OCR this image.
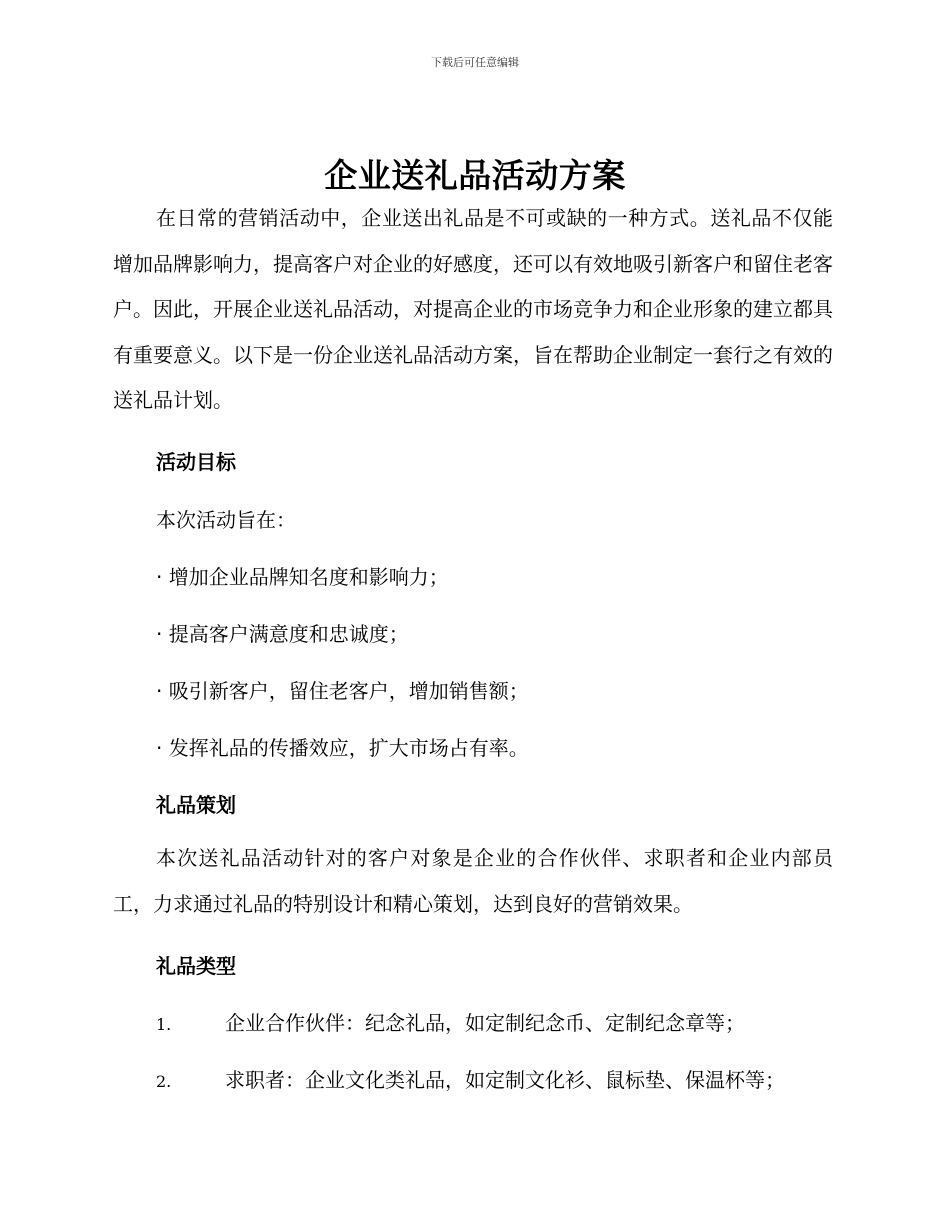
下载后可任意编辑
企业送礼品活动方案
在日常的营销活动中，企业送出礼品是不可或缺的一种方式。送礼品不仅能增加品牌影响力，提高客户对企业的好感度，还可以有效地吸引新客户和留住老客户。因此，开展企业送礼品活动，对提高企业的市场竞争力和企业形象的建立都具有重要意义。以下是一份企业送礼品活动方案，旨在帮助企业制定一套行之有效的送礼品计划。
活动目标
本次活动旨在：
· 增加企业品牌知名度和影响力；
· 提高客户满意度和忠诚度；
· 吸引新客户，留住老客户，增加销售额；
· 发挥礼品的传播效应，扩大市场占有率。
礼品策划
本次送礼品活动针对的客户对象是企业的合作伙伴、求职者和企业内部员工，力求通过礼品的特别设计和精心策划，达到良好的营销效果。
礼品类型
1.	企业合作伙伴：纪念礼品，如定制纪念币、定制纪念章等；
2.	求职者：企业文化类礼品，如定制文化衫、鼠标垫、保温杯等；
